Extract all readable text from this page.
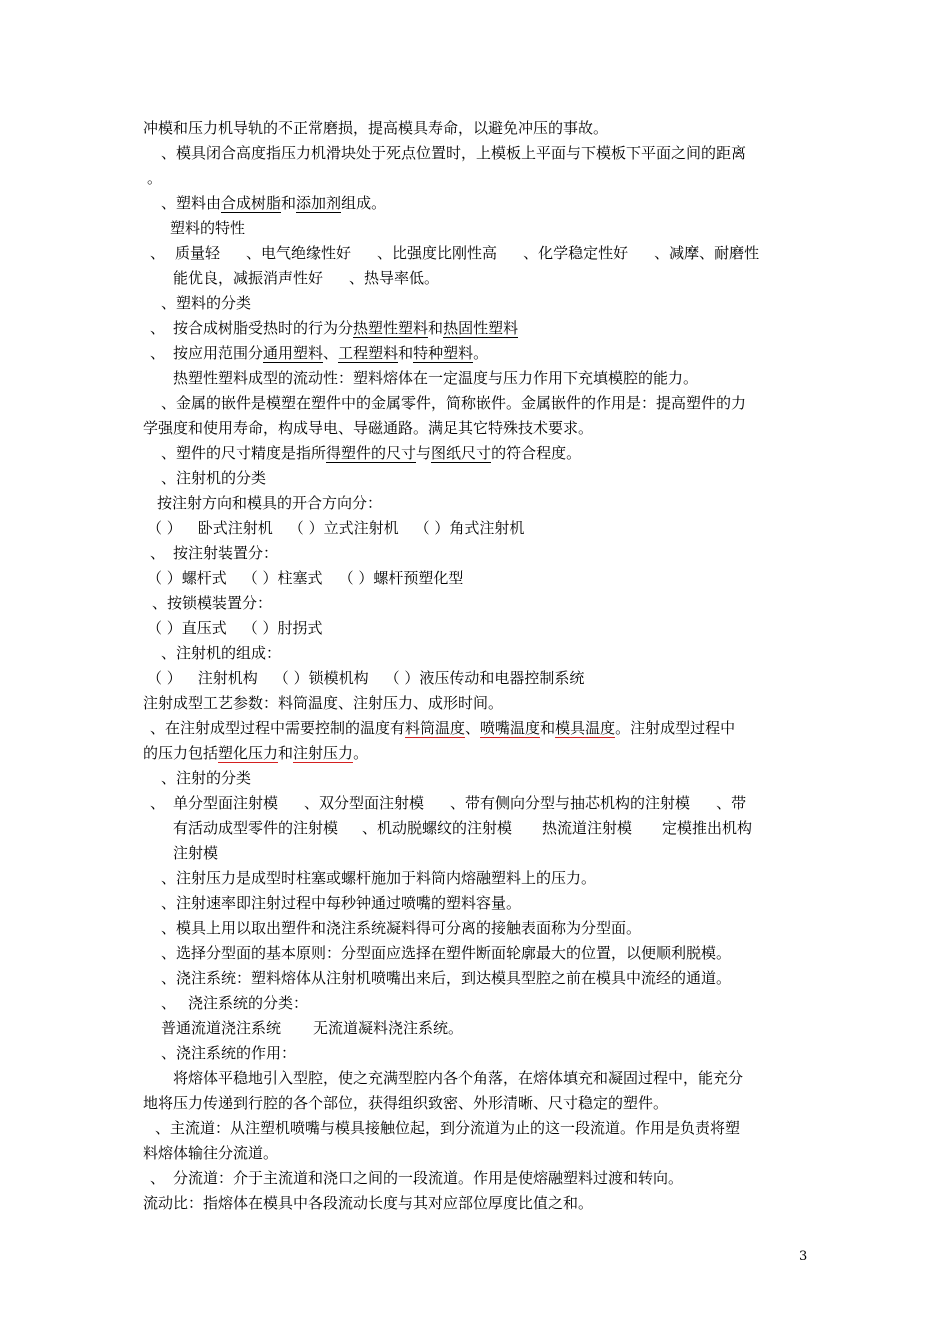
冲模和压力机导轨的不正常磨损，提高模具寿命，以避免冲压的事故。
、模具闭合高度指压力机滑块处于死点位置时，上模板上平面与下模板下平面之间的距离
。
、塑料由合成树脂和添加剂组成。
塑料的特性
、 质量轻 、电气绝缘性好 、比强度比刚性高 、化学稳定性好 、减摩、耐磨性
能优良，减振消声性好 、热导率低。
、塑料的分类
、 按合成树脂受热时的行为分热塑性塑料和热固性塑料
、 按应用范围分通用塑料、工程塑料和特种塑料。
热塑性塑料成型的流动性：塑料熔体在一定温度与压力作用下充填模腔的能力。
、金属的嵌件是模塑在塑件中的金属零件，简称嵌件。金属嵌件的作用是：提高塑件的力
学强度和使用寿命，构成导电、导磁通路。满足其它特殊技术要求。
、塑件的尺寸精度是指所得塑件的尺寸与图纸尺寸的符合程度。
、注射机的分类
按注射方向和模具的开合方向分：
（ ） 卧式注射机 （ ）立式注射机 （ ）角式注射机
、 按注射装置分：
（ ）螺杆式 （ ）柱塞式 （ ）螺杆预塑化型
、按锁模装置分：
（ ）直压式 （ ）肘拐式
、注射机的组成：
（ ） 注射机构 （ ）锁模机构 （ ）液压传动和电器控制系统
注射成型工艺参数：料筒温度、注射压力、成形时间。
、在注射成型过程中需要控制的温度有料筒温度、喷嘴温度和模具温度。注射成型过程中
的压力包括塑化压力和注射压力。
、注射的分类
、 单分型面注射模 、双分型面注射模 、带有侧向分型与抽芯机构的注射模 、带
有活动成型零件的注射模 、机动脱螺纹的注射模 热流道注射模 定模推出机构
注射模
、注射压力是成型时柱塞或螺杆施加于料筒内熔融塑料上的压力。
、注射速率即注射过程中每秒钟通过喷嘴的塑料容量。
、模具上用以取出塑件和浇注系统凝料得可分离的接触表面称为分型面。
、选择分型面的基本原则：分型面应选择在塑件断面轮廓最大的位置，以便顺利脱模。
、浇注系统：塑料熔体从注射机喷嘴出来后，到达模具型腔之前在模具中流经的通道。
、 浇注系统的分类：
普通流道浇注系统 无流道凝料浇注系统。
、浇注系统的作用：
将熔体平稳地引入型腔，使之充满型腔内各个角落，在熔体填充和凝固过程中，能充分
地将压力传递到行腔的各个部位，获得组织致密、外形清晰、尺寸稳定的塑件。
、主流道：从注塑机喷嘴与模具接触位起，到分流道为止的这一段流道。作用是负责将塑
料熔体输往分流道。
、 分流道：介于主流道和浇口之间的一段流道。作用是使熔融塑料过渡和转向。
流动比：指熔体在模具中各段流动长度与其对应部位厚度比值之和。
3
